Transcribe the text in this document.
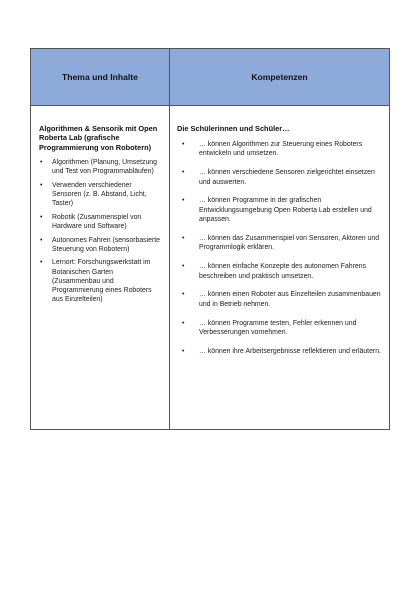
Thema und Inhalte	Kompetenzen
Algorithmen & Sensorik mit Open Roberta Lab (grafische Programmierung von Robotern)
• Algorithmen (Planung, Umsetzung und Test von Programmabläufen)
• Verwenden verschiedener Sensoren (z. B. Abstand, Licht, Taster)
• Robotik (Zusammenspiel von Hardware und Software)
• Autonomes Fahren (sensorbasierte Steuerung von Robotern)
• Lernort: Forschungswerkstatt im Botanischen Garten (Zusammenbau und Programmierung eines Roboters aus Einzelteilen)
Die Schülerinnen und Schüler…
• … können Algorithmen zur Steuerung eines Roboters entwickeln und umsetzen.
• … können verschiedene Sensoren zielgerichtet einsetzen und auswerten.
• … können Programme in der grafischen Entwicklungsumgebung Open Roberta Lab erstellen und anpassen.
• … können das Zusammenspiel von Sensoren, Aktoren und Programmlogik erklären.
• … können einfache Konzepte des autonomen Fahrens beschreiben und praktisch umsetzen.
• … können einen Roboter aus Einzelteilen zusammenbauen und in Betrieb nehmen.
• … können Programme testen, Fehler erkennen und Verbesserungen vornehmen.
• … können ihre Arbeitsergebnisse reflektieren und erläutern.
